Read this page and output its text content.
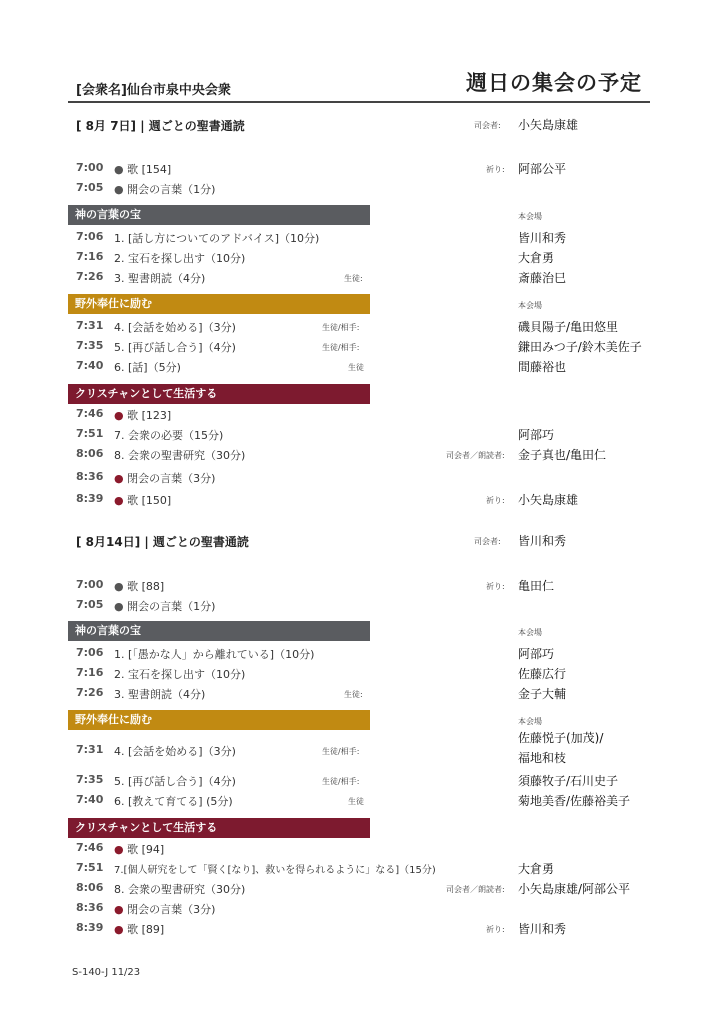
[会衆名]仙台市泉中央会衆	週日の集会の予定
[ 8月 7日] | 週ごとの聖書通読	司会者: 小矢島康雄
7:00 ● 歌 [154]	祈り: 阿部公平
7:05 ● 開会の言葉（1分)
神の言葉の宝	本会場
7:06 1. [話し方についてのアドバイス]（10分)	皆川和秀
7:16 2. 宝石を探し出す（10分)	大倉勇
7:26 3. 聖書朗読（4分)	生徒:	斎藤治巳
野外奉仕に励む	本会場
7:31 4. [会話を始める]（3分)	生徒/相手:	磯貝陽子/亀田悠里
7:35 5. [再び話し合う]（4分)	生徒/相手:	鎌田みつ子/鈴木美佐子
7:40 6. [話]（5分)	生徒	間藤裕也
クリスチャンとして生活する
7:46 ● 歌 [123]
7:51 7. 会衆の必要（15分)	阿部巧
8:06 8. 会衆の聖書研究（30分)	司会者／朗読者: 金子真也/亀田仁
8:36 ● 閉会の言葉（3分)
8:39 ● 歌 [150]	祈り: 小矢島康雄
[ 8月14日] | 週ごとの聖書通読	司会者: 皆川和秀
7:00 ● 歌 [88]	祈り: 亀田仁
7:05 ● 開会の言葉（1分)
神の言葉の宝	本会場
7:06 1. [「愚かな人」から離れている]（10分)	阿部巧
7:16 2. 宝石を探し出す（10分)	佐藤広行
7:26 3. 聖書朗読（4分)	生徒:	金子大輔
野外奉仕に励む	本会場
7:31 4. [会話を始める]（3分)	生徒/相手:
佐藤悦子(加茂)/
福地和枝
7:35 5. [再び話し合う]（4分)	生徒/相手:	須藤牧子/石川史子
7:40 6. [教えて育てる] (5分)	生徒	菊地美香/佐藤裕美子
クリスチャンとして生活する
7:46 ● 歌 [94]
7:51 7.[個人研究をして「賢く[なり]、救いを得られるように」なる]（15分)	大倉勇
8:06 8. 会衆の聖書研究（30分)	司会者／朗読者: 小矢島康雄/阿部公平
8:36 ● 閉会の言葉（3分)
8:39 ● 歌 [89]	祈り: 皆川和秀
S-140-J 11/23
